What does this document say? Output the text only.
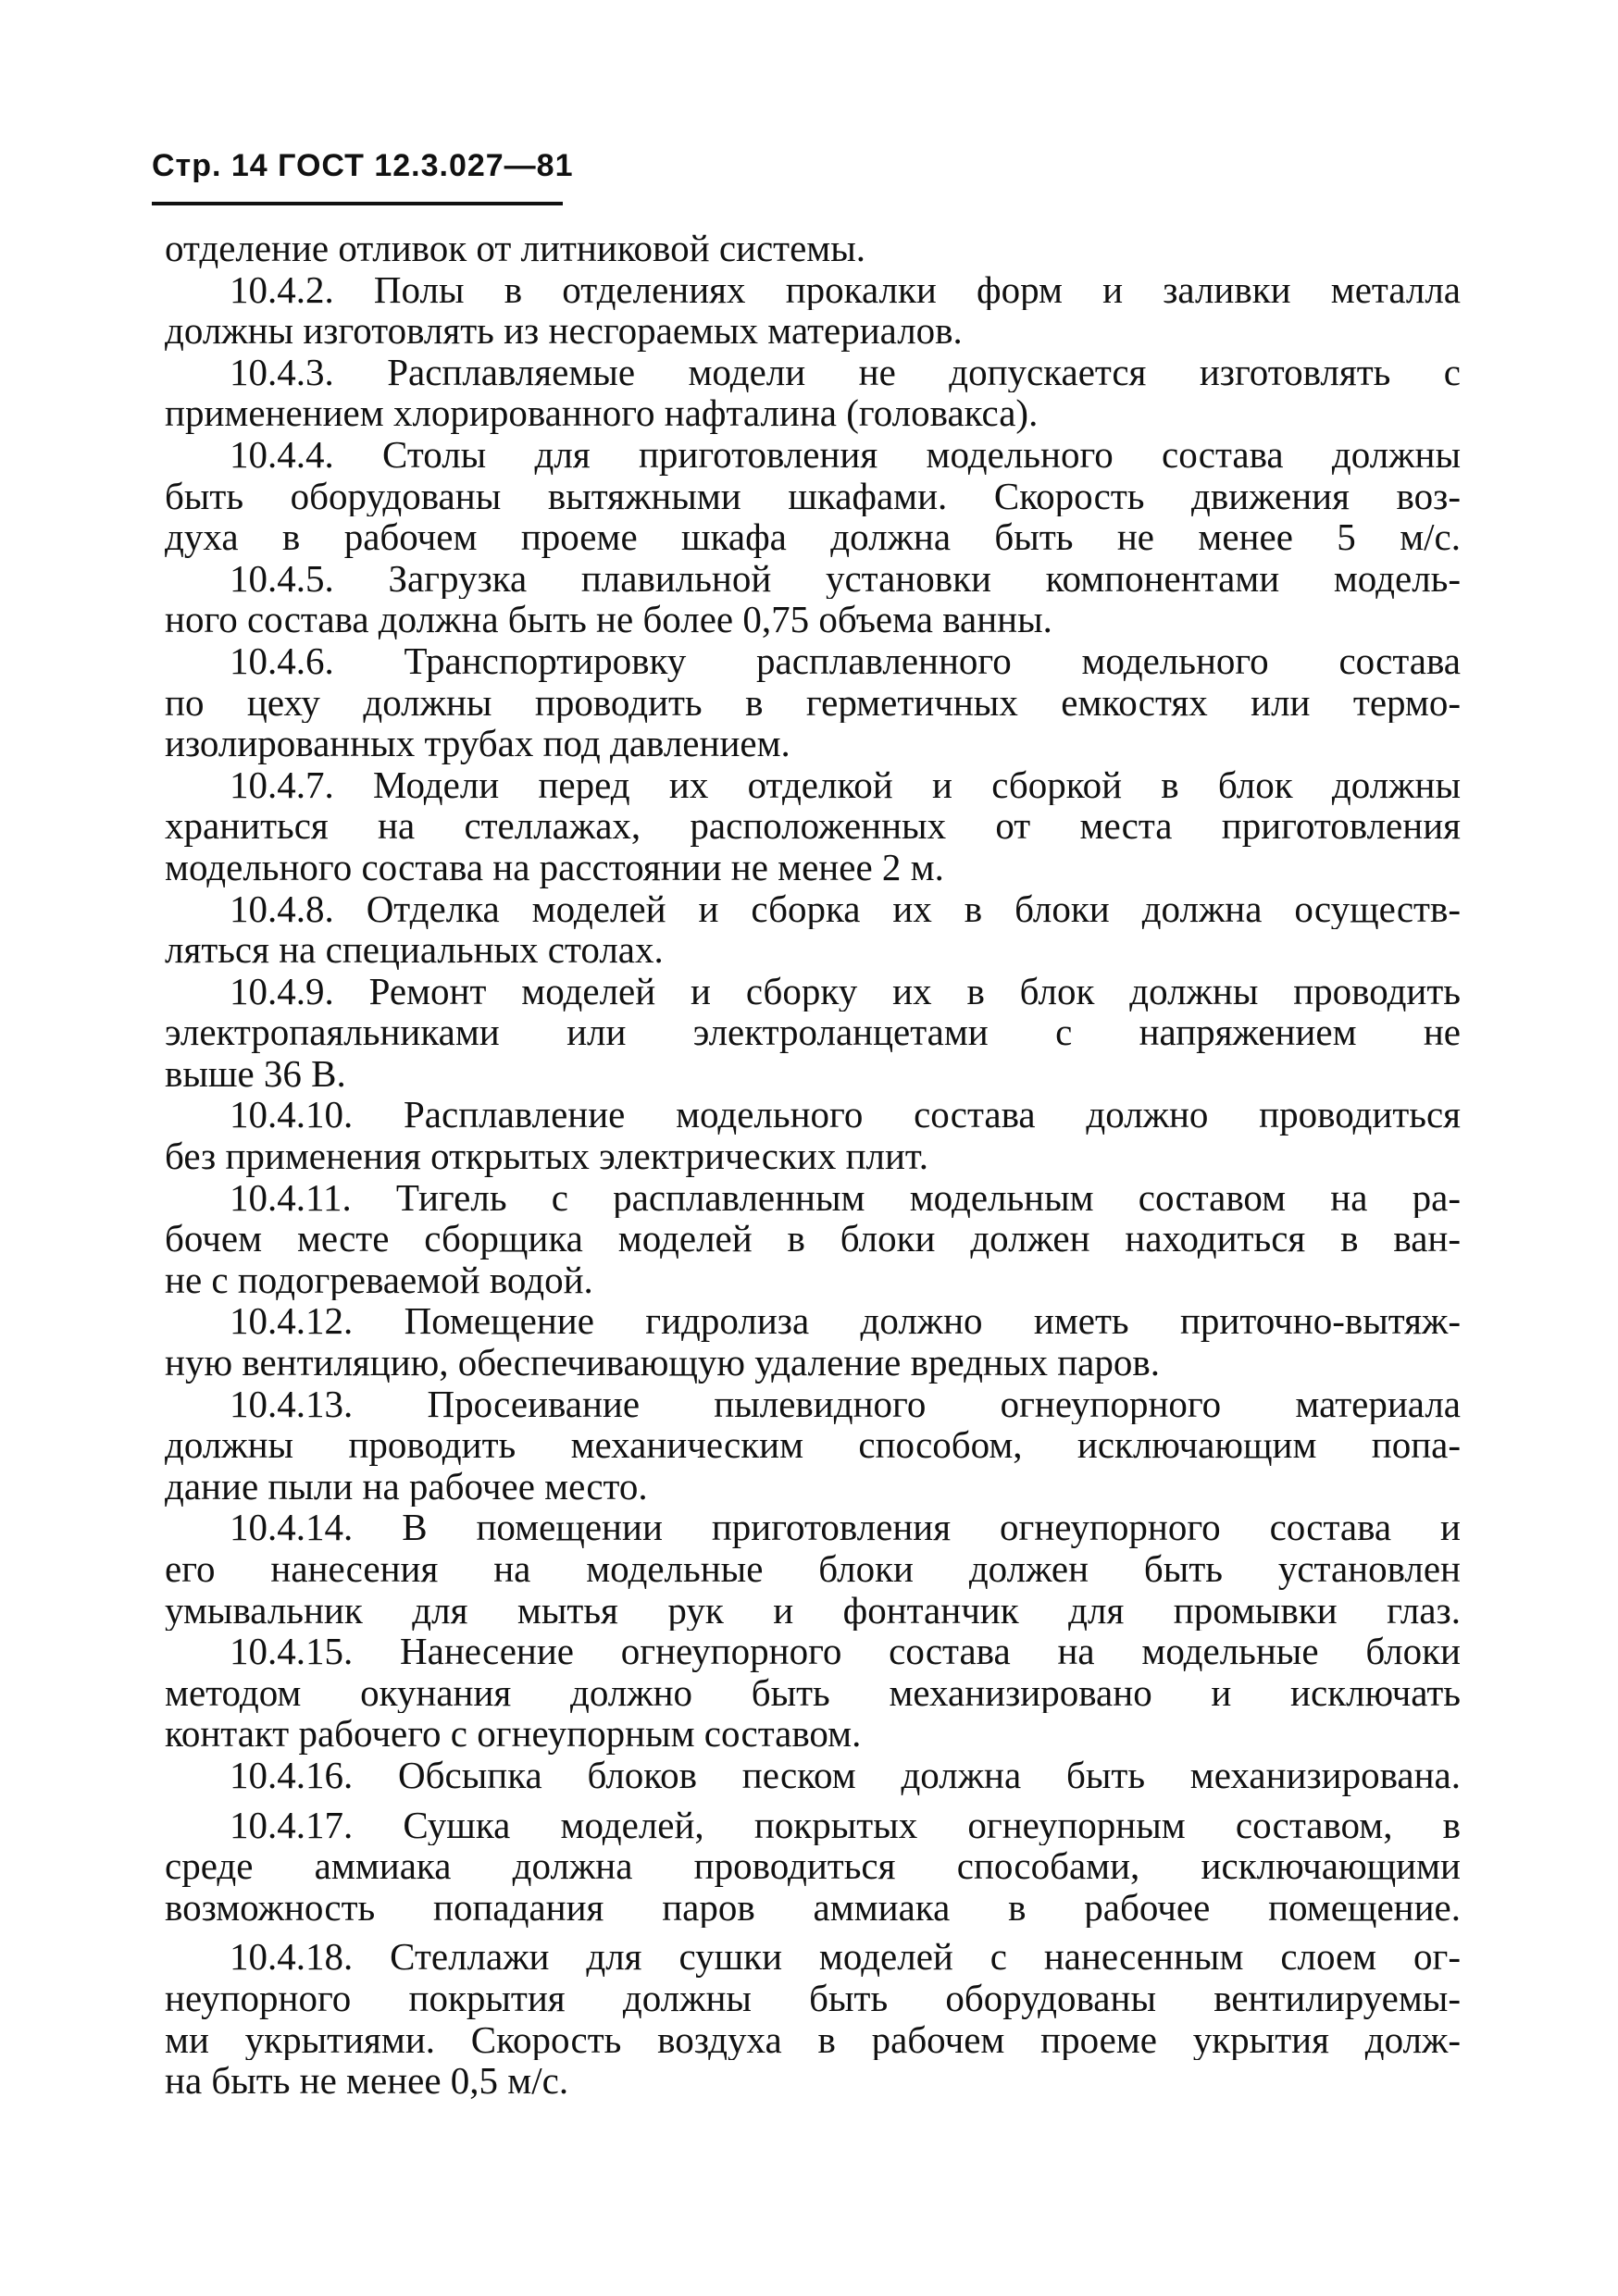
Стр. 14 ГОСТ 12.3.027—81
отделение отливок от литниковой системы.
10.4.2. Полы в отделениях прокалки форм и заливки металла
должны изготовлять из несгораемых материалов.
10.4.3. Расплавляемые модели не допускается изготовлять с
применением хлорированного нафталина (головакса).
10.4.4. Столы для приготовления модельного состава должны
быть оборудованы вытяжными шкафами. Скорость движения воз-
духа в рабочем проеме шкафа должна быть не менее 5 м/с.
10.4.5. Загрузка плавильной установки компонентами модель-
ного состава должна быть не более 0,75 объема ванны.
10.4.6. Транспортировку расплавленного модельного состава
по цеху должны проводить в герметичных емкостях или термо-
изолированных трубах под давлением.
10.4.7. Модели перед их отделкой и сборкой в блок должны
храниться на стеллажах, расположенных от места приготовления
модельного состава на расстоянии не менее 2 м.
10.4.8. Отделка моделей и сборка их в блоки должна осуществ-
ляться на специальных столах.
10.4.9. Ремонт моделей и сборку их в блок должны проводить
электропаяльниками или электроланцетами с напряжением не
выше 36 В.
10.4.10. Расплавление модельного состава должно проводиться
без применения открытых электрических плит.
10.4.11. Тигель с расплавленным модельным составом на ра-
бочем месте сборщика моделей в блоки должен находиться в ван-
не с подогреваемой водой.
10.4.12. Помещение гидролиза должно иметь приточно-вытяж-
ную вентиляцию, обеспечивающую удаление вредных паров.
10.4.13. Просеивание пылевидного огнеупорного материала
должны проводить механическим способом, исключающим попа-
дание пыли на рабочее место.
10.4.14. В помещении приготовления огнеупорного состава и
его нанесения на модельные блоки должен быть установлен
умывальник для мытья рук и фонтанчик для промывки глаз.
10.4.15. Нанесение огнеупорного состава на модельные блоки
методом окунания должно быть механизировано и исключать
контакт рабочего с огнеупорным составом.
10.4.16. Обсыпка блоков песком должна быть механизирована.
10.4.17. Сушка моделей, покрытых огнеупорным составом, в
среде аммиака должна проводиться способами, исключающими
возможность попадания паров аммиака в рабочее помещение.
10.4.18. Стеллажи для сушки моделей с нанесенным слоем ог-
неупорного покрытия должны быть оборудованы вентилируемы-
ми укрытиями. Скорость воздуха в рабочем проеме укрытия долж-
на быть не менее 0,5 м/с.
